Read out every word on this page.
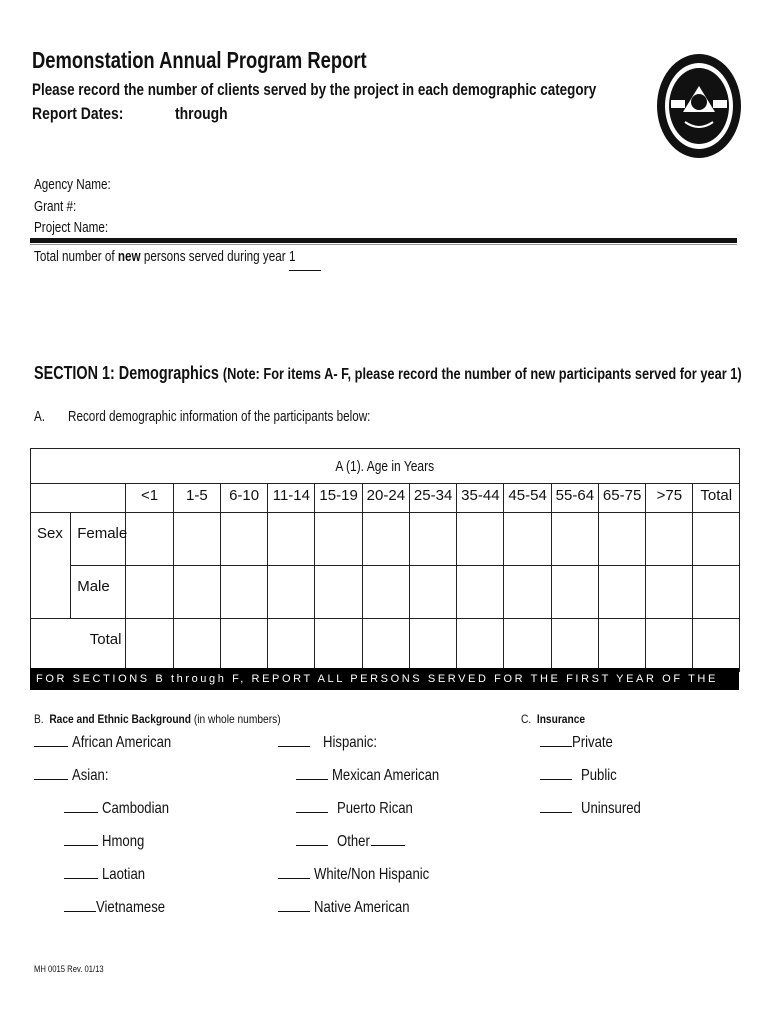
Demonstation Annual Program Report
Please record the number of clients served by the project in each demographic category
Report Dates:	through
Agency Name:
Grant #:
Project Name:
Total number of new persons served during year 1
SECTION 1: Demographics (Note: For items A- F, please record the number of new participants served for year 1)
A. Record demographic information of the participants below:
A (1). Age in Years														
		<1	1-5	6-10	11-14	15-19	20-24	25-34	35-44	45-54	55-64	65-75	>75	Total
Sex	Female													
	Male													
Total														
FOR SECTIONS B through F, REPORT ALL PERSONS SERVED FOR THE FIRST YEAR OF THE GRANT PERIOD
B. Race and Ethnic Background (in whole numbers)	C. Insurance
African American
Asian:
Cambodian
Hmong
Laotian
Vietnamese
Hispanic:
Mexican American
Puerto Rican
Other
White/Non Hispanic
Native American
Private
Public
Uninsured
MH 0015 Rev. 01/13
